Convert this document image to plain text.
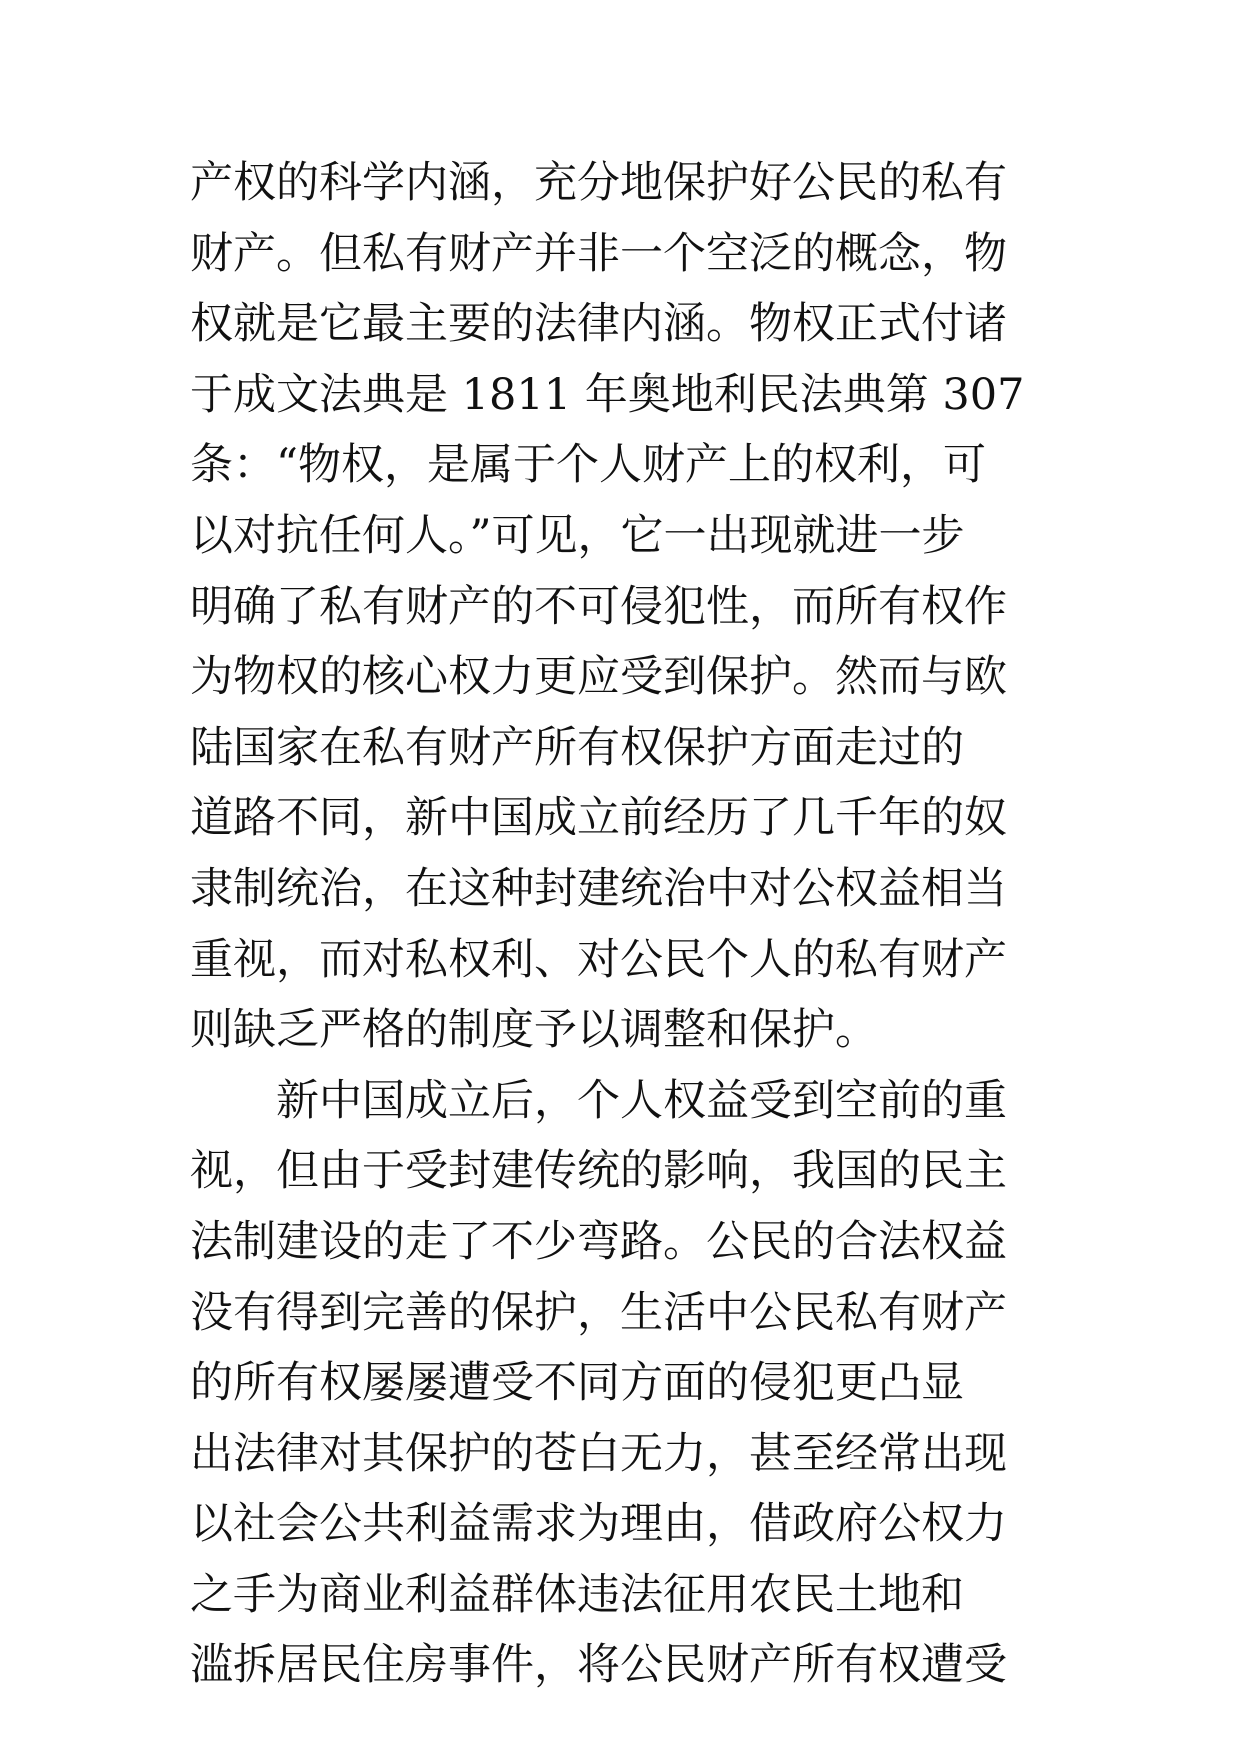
产权的科学内涵，充分地保护好公民的私有
财产。但私有财产并非一个空泛的概念，物
权就是它最主要的法律内涵。物权正式付诸
于成文法典是 1811 年奥地利民法典第 307
条：“物权，是属于个人财产上的权利，可
以对抗任何人。”可见，它一出现就进一步
明确了私有财产的不可侵犯性，而所有权作
为物权的核心权力更应受到保护。然而与欧
陆国家在私有财产所有权保护方面走过的
道路不同，新中国成立前经历了几千年的奴
隶制统治，在这种封建统治中对公权益相当
重视，而对私权利、对公民个人的私有财产
则缺乏严格的制度予以调整和保护。
　　新中国成立后，个人权益受到空前的重
视，但由于受封建传统的影响，我国的民主
法制建设的走了不少弯路。公民的合法权益
没有得到完善的保护，生活中公民私有财产
的所有权屡屡遭受不同方面的侵犯更凸显
出法律对其保护的苍白无力，甚至经常出现
以社会公共利益需求为理由，借政府公权力
之手为商业利益群体违法征用农民土地和
滥拆居民住房事件，将公民财产所有权遭受
